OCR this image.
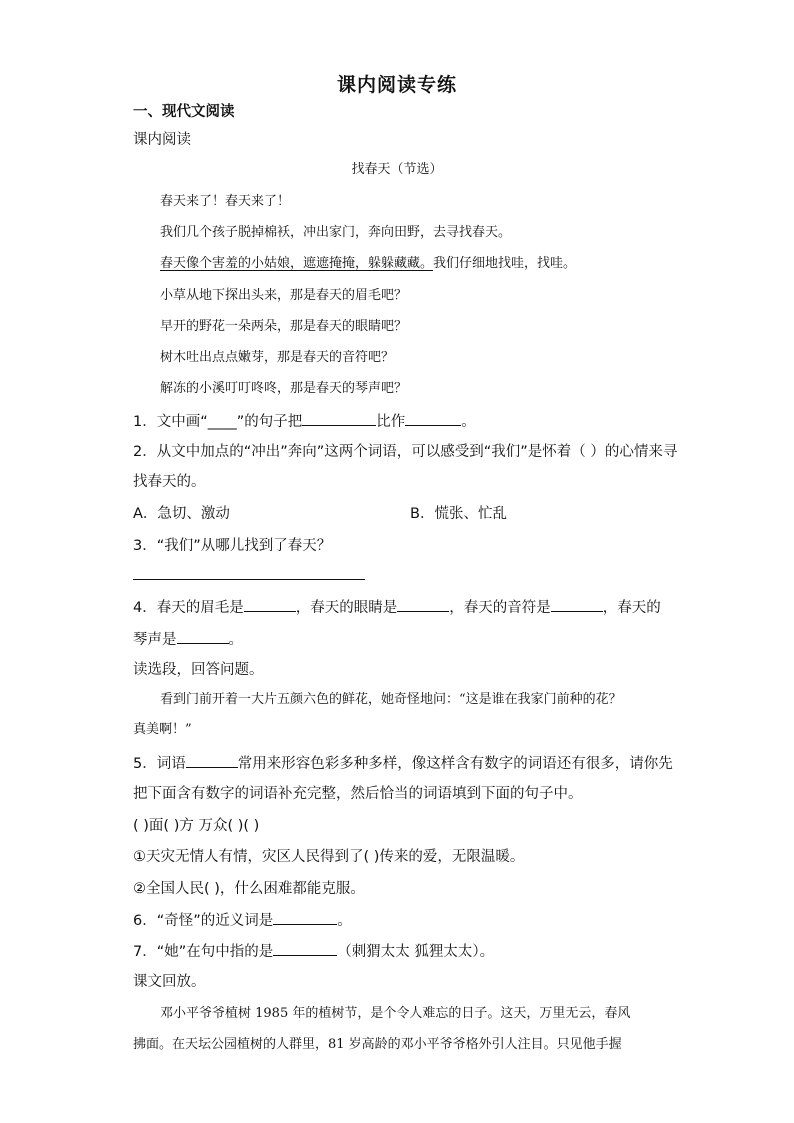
课内阅读专练
一、现代文阅读
课内阅读
找春天（节选）
春天来了！春天来了！
我们几个孩子脱掉棉袄，冲出家门，奔向田野，去寻找春天。
春天像个害羞的小姑娘，遮遮掩掩，躲躲藏藏。我们仔细地找哇，找哇。
小草从地下探出头来，那是春天的眉毛吧？
早开的野花一朵两朵，那是春天的眼睛吧？
树木吐出点点嫩芽，那是春天的音符吧？
解冻的小溪叮叮咚咚，那是春天的琴声吧？
1．文中画“____”的句子把	比作	。
2．从文中加点的“冲出”奔向”这两个词语，可以感受到“我们”是怀着（ ）的心情来寻
找春天的。
A．急切、激动	B．慌张、忙乱
3．“我们”从哪儿找到了春天？
4．春天的眉毛是	，春天的眼睛是	，春天的音符是	，春天的
琴声是	。
读选段，回答问题。
看到门前开着一大片五颜六色的鲜花，她奇怪地问：“这是谁在我家门前种的花？
真美啊！”
5．词语	常用来形容色彩多种多样，像这样含有数字的词语还有很多，请你先
把下面含有数字的词语补充完整，然后恰当的词语填到下面的句子中。
( )面( )方 万众( )( )
①天灾无情人有情，灾区人民得到了( )传来的爱，无限温暖。
②全国人民( )，什么困难都能克服。
6．“奇怪”的近义词是	。
7．“她”在句中指的是	（刺猬太太 狐狸太太）。
课文回放。
邓小平爷爷植树 1985 年的植树节，是个令人难忘的日子。这天，万里无云，春风
拂面。在天坛公园植树的人群里，81 岁高龄的邓小平爷爷格外引人注目。只见他手握
